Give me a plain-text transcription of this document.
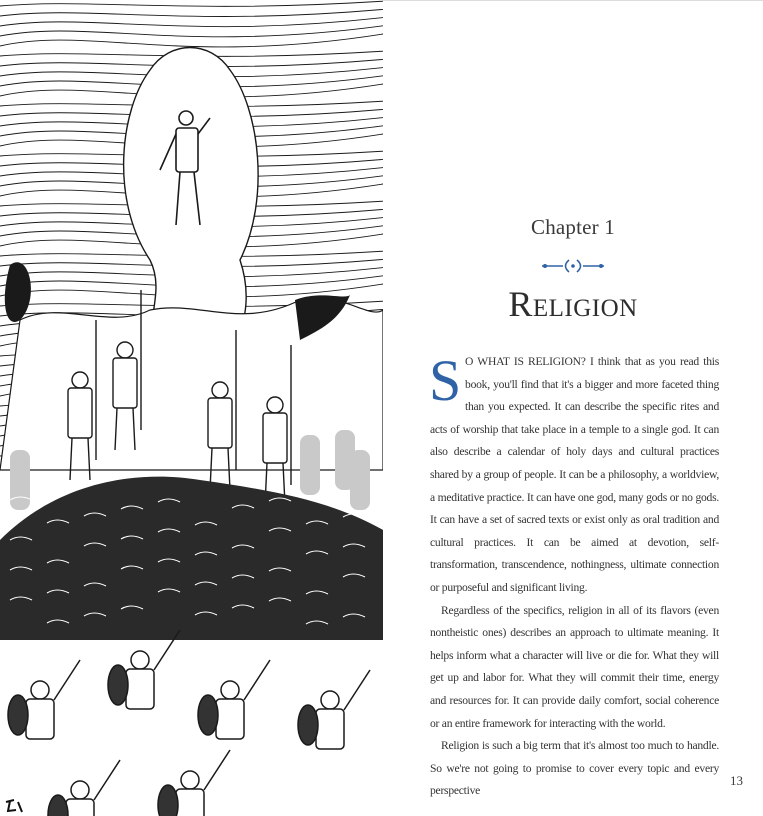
Chapter 1
Religion

S O WHAT IS RELIGION? I think that as you read this book, you'll find that it's a bigger and more faceted thing than you expected. It can describe the specific rites and acts of worship that take place in a temple to a single god. It can also describe a calendar of holy days and cultural practices shared by a group of people. It can be a philosophy, a worldview, a meditative practice. It can have one god, many gods or no gods. It can have a set of sacred texts or exist only as oral tradition and cultural practices. It can be aimed at devotion, self-transformation, transcendence, nothingness, ultimate connection or purposeful and significant living.

Regardless of the specifics, religion in all of its flavors (even nontheistic ones) describes an approach to ultimate meaning. It helps inform what a character will live or die for. What they will get up and labor for. What they will commit their time, energy and resources for. It can provide daily comfort, social coherence or an entire framework for interacting with the world.

Religion is such a big term that it's almost too much to handle. So we're not going to promise to cover every topic and every perspective

13
